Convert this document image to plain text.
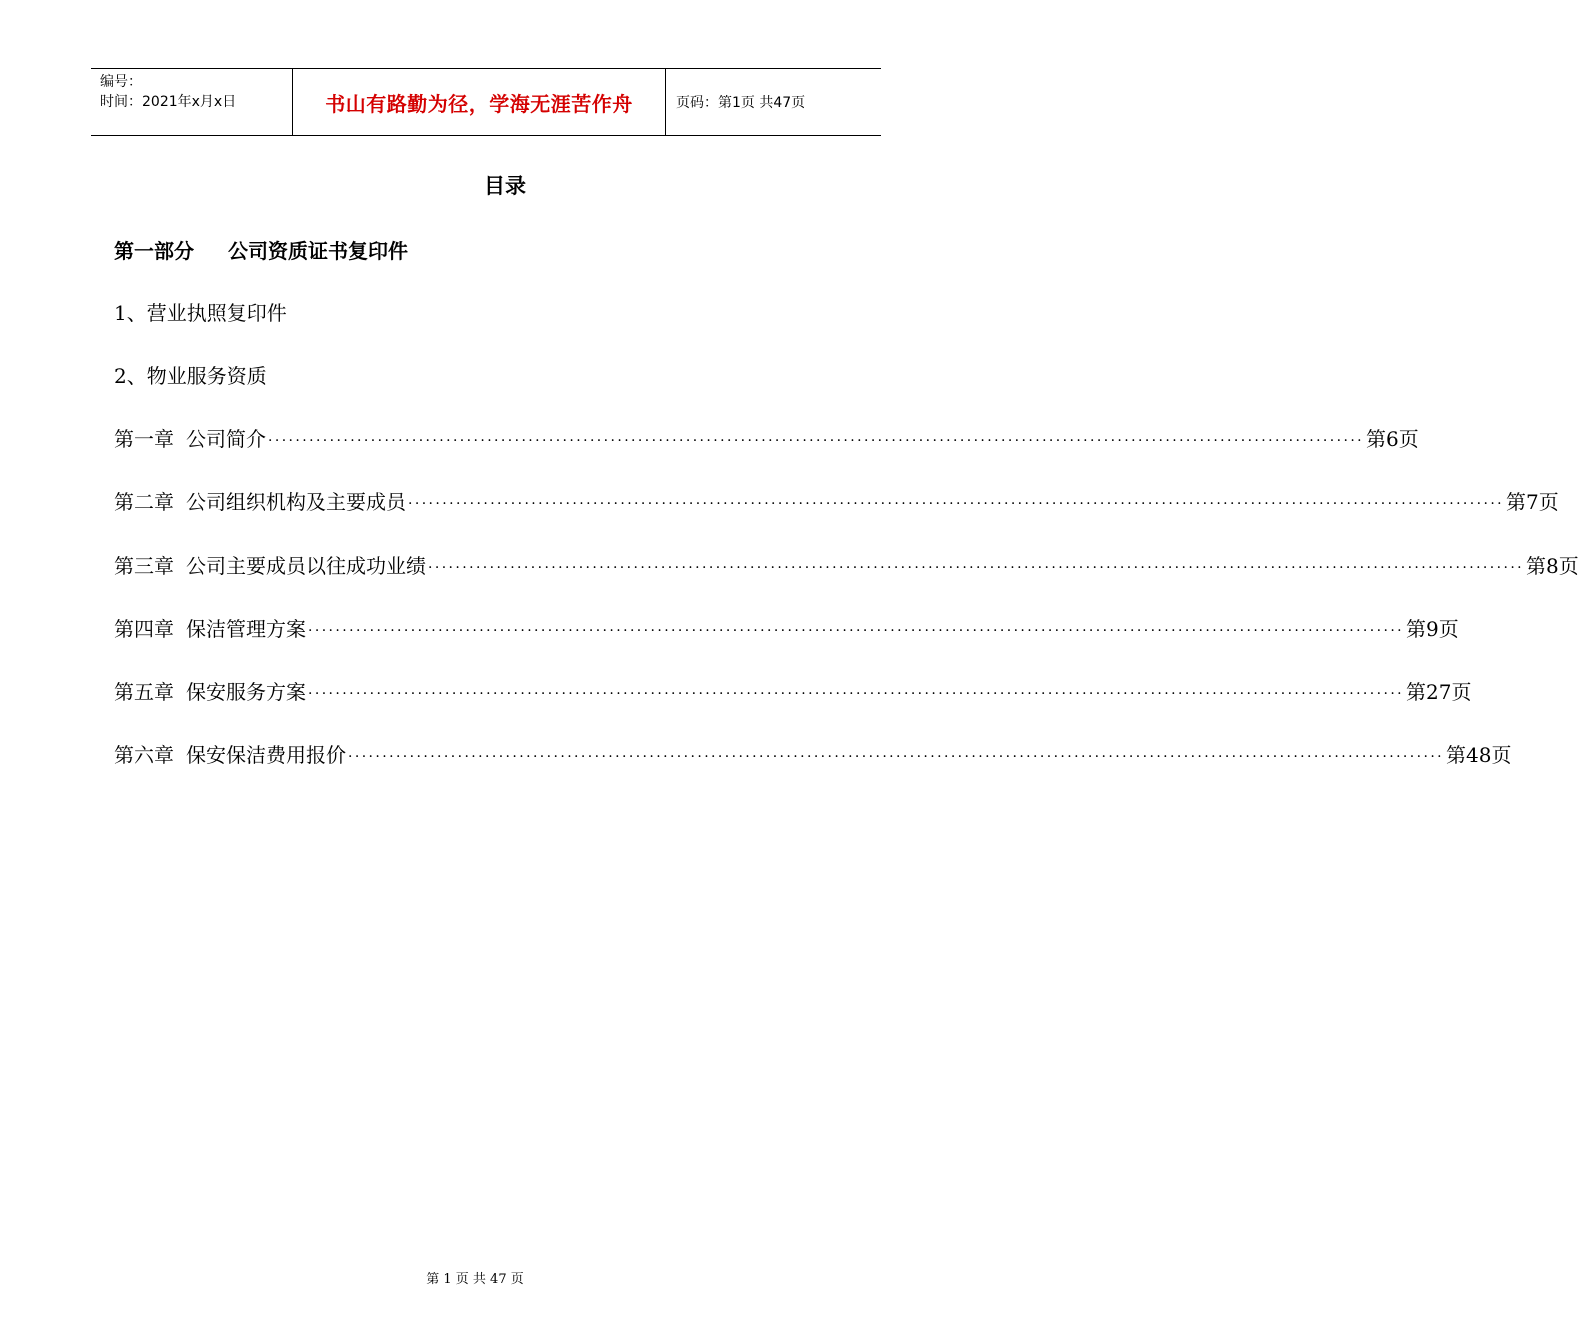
编号：
时间：2021年x月x日	书山有路勤为径，学海无涯苦作舟	页码：第1页 共47页
目录
第一部分 公司资质证书复印件
1、营业执照复印件
2、物业服务资质
第一章 公司简介 ································································································································································ 第6页
第二章 公司组织机构及主要成员 ································································································································································ 第7页
第三章 公司主要成员以往成功业绩 ································································································································································ 第8页
第四章 保洁管理方案 ································································································································································ 第9页
第五章 保安服务方案 ································································································································································ 第27页
第六章 保安保洁费用报价 ································································································································································ 第48页
第 1 页 共 47 页
